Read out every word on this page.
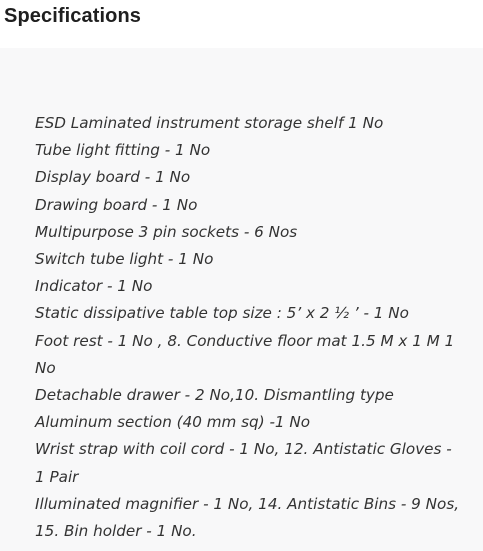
Specifications
ESD Laminated instrument storage shelf 1 No
Tube light fitting - 1 No
Display board - 1 No
Drawing board - 1 No
Multipurpose 3 pin sockets - 6 Nos
Switch tube light - 1 No
Indicator - 1 No
Static dissipative table top size : 5’ x 2 ½ ’ - 1 No
Foot rest - 1 No , 8. Conductive floor mat 1.5 M x 1 M 1 No
Detachable drawer - 2 No,10. Dismantling type Aluminum section (40 mm sq) -1 No
Wrist strap with coil cord - 1 No, 12. Antistatic Gloves - 1 Pair
Illuminated magnifier - 1 No, 14. Antistatic Bins - 9 Nos, 15. Bin holder - 1 No.
